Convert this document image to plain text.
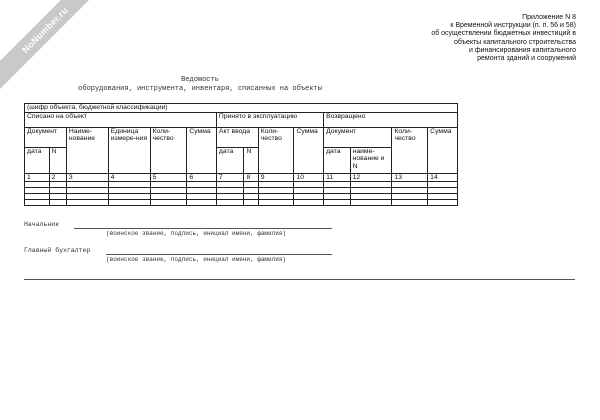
NoNumber.ru	Приложение N 8
к Временной инструкции (п. п. 56 и 58)
об осуществлении бюджетных инвестиций в
объекты капитального строительства
и финансирования капитального
ремонта зданий и сооружений
Ведомость
оборудования, инструмента, инвентаря, списанных на объекты
(шифр объекта, бюджетной классификации)													
Списано на объект						Принято в эксплуатацию				Возвращено			
Документ		Наиме-нование	Единица измере-ния	Коли-чество	Сумма	Акт ввода		Коли-чество	Сумма	Документ		Коли-чество	Сумма
дата	N					дата	N			дата	наиме-нование и N		
1	2	3	4	5	6	7	8	9	10	11	12	13	14

Начальник
(воинское звание, подпись, инициал имени, фамилия)
Главный бухгалтер
(воинское звание, подпись, инициал имени, фамилия)
